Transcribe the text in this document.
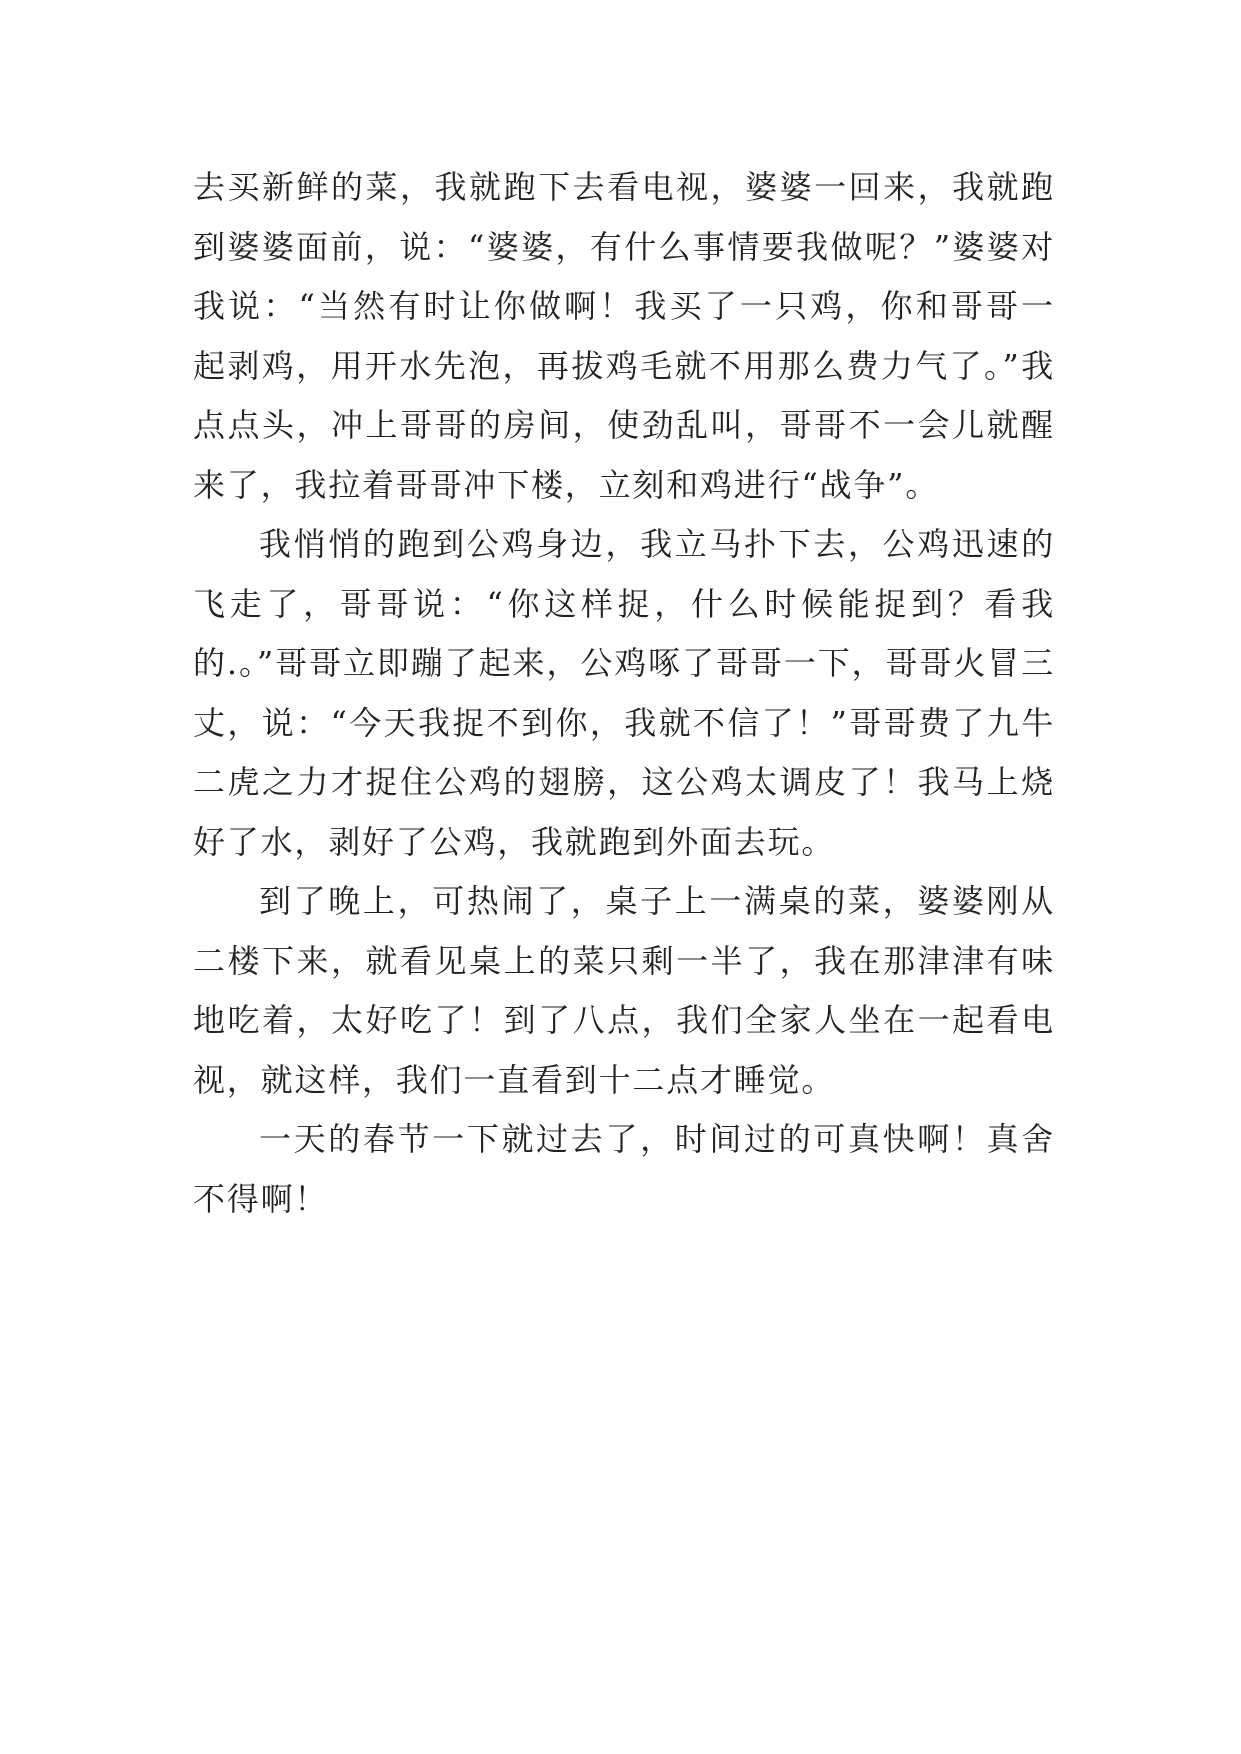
去买新鲜的菜，我就跑下去看电视，婆婆一回来，我就跑到婆婆面前，说：“婆婆，有什么事情要我做呢？”婆婆对我说：“当然有时让你做啊！我买了一只鸡，你和哥哥一起剥鸡，用开水先泡，再拔鸡毛就不用那么费力气了。”我点点头，冲上哥哥的房间，使劲乱叫，哥哥不一会儿就醒来了，我拉着哥哥冲下楼，立刻和鸡进行“战争”。

我悄悄的跑到公鸡身边，我立马扑下去，公鸡迅速的飞走了，哥哥说：“你这样捉，什么时候能捉到？看我的.。”哥哥立即蹦了起来，公鸡啄了哥哥一下，哥哥火冒三丈，说：“今天我捉不到你，我就不信了！”哥哥费了九牛二虎之力才捉住公鸡的翅膀，这公鸡太调皮了！我马上烧好了水，剥好了公鸡，我就跑到外面去玩。

到了晚上，可热闹了，桌子上一满桌的菜，婆婆刚从二楼下来，就看见桌上的菜只剩一半了，我在那津津有味地吃着，太好吃了！到了八点，我们全家人坐在一起看电视，就这样，我们一直看到十二点才睡觉。

一天的春节一下就过去了，时间过的可真快啊！真舍不得啊！
